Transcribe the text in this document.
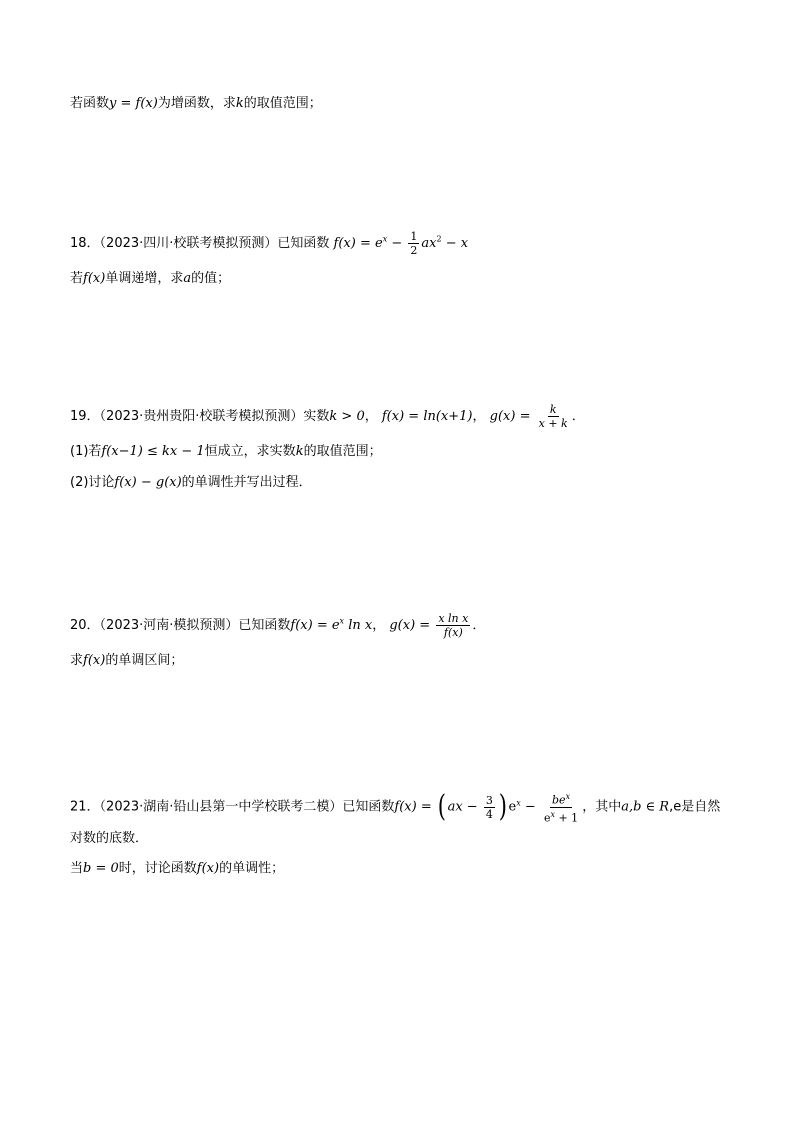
若函数y = f(x)为增函数，求k的取值范围；
18．（2023·四川·校联考模拟预测）已知函数 $f(x) = e^x - \frac{1}{2} ax^2 - x$
若f(x)单调递增，求a的值；
19．（2023·贵州贵阳·校联考模拟预测）实数k > 0， f(x) = ln(x+1)， $g(x) = \frac{k}{x + k}$ ．
(1)若f(x−1) ≤ kx − 1恒成立，求实数k的取值范围；
(2)讨论f(x) − g(x)的单调性并写出过程．
20．（2023·河南·模拟预测）已知函数$f(x) = e^x$ ln x， $g(x) = \frac{\text{x ln x}}{f(x)}$ ．
求f(x)的单调区间；
21．（2023·湖南·铅山县第一中学校联考二模）已知函数f(x) = ( ax − $\frac{3}{4}$ ) $e^x - \frac{be^x}{e^x + 1}$ ，其中a,b ∈ R,e是自然
对数的底数．
当b = 0时，讨论函数f(x)的单调性；
